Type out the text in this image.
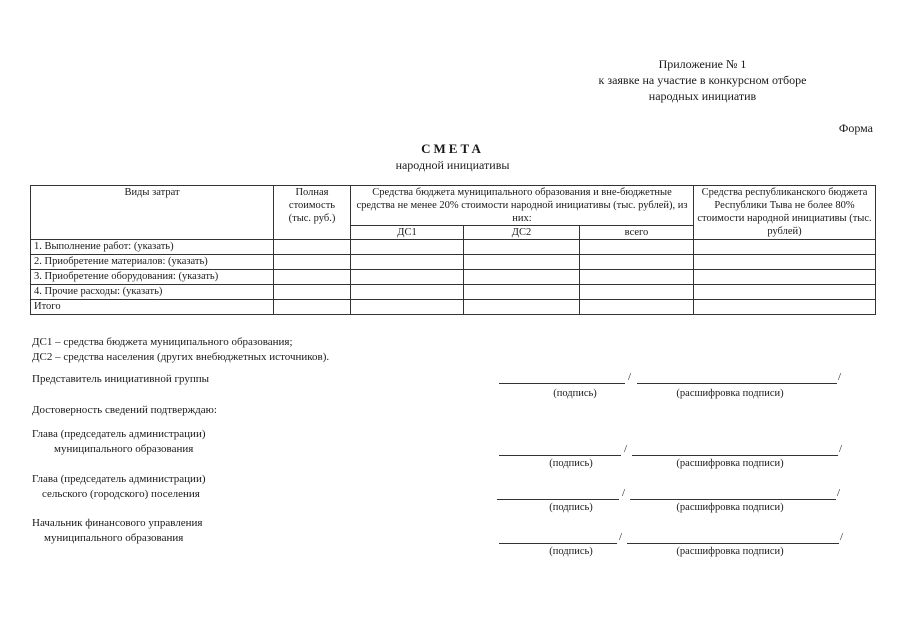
Приложение № 1
к заявке на участие в конкурсном отборе
народных инициатив
Форма
СМЕТА
народной инициативы
Виды затрат	Полная стоимость (тыс. руб.)	Средства бюджета муниципального образования и вне-бюджетные средства не менее 20% стоимости народной инициативы (тыс. рублей), из них:			Средства республиканского бюджета Республики Тыва не более 80% стоимости народной инициативы (тыс. рублей)
		ДС1	ДС2	всего	
1. Выполнение работ: (указать)					
2. Приобретение материалов: (указать)					
3. Приобретение оборудования: (указать)					
4. Прочие расходы: (указать)					
Итого					
ДС1 – средства бюджета муниципального образования;
ДС2 – средства населения (других внебюджетных источников).
Представитель инициативной группы	/	/
(подпись)	(расшифровка подписи)
Достоверность сведений подтверждаю:
Глава (председатель администрации)
муниципального образования	/	/
(подпись)	(расшифровка подписи)
Глава (председатель администрации)
сельского (городского) поселения	/	/
(подпись)	(расшифровка подписи)
Начальник финансового управления
муниципального образования	/	/
(подпись)	(расшифровка подписи)
